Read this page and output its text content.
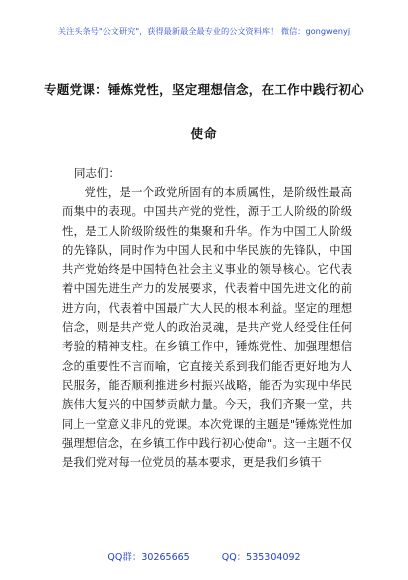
关注头条号"公文研究"，获得最新最全最专业的公文资料库！ 微信：gongwenyj
专题党课：锤炼党性，坚定理想信念，在工作中践行初心
使命
同志们：

党性，是一个政党所固有的本质属性，是阶级性最高而集中的表现。中国共产党的党性，源于工人阶级的阶级性，是工人阶级阶级性的集聚和升华。作为中国工人阶级的先锋队，同时作为中国人民和中华民族的先锋队，中国共产党始终是中国特色社会主义事业的领导核心。它代表着中国先进生产力的发展要求，代表着中国先进文化的前进方向，代表着中国最广大人民的根本利益。坚定的理想信念，则是共产党人的政治灵魂，是共产党人经受住任何考验的精神支柱。在乡镇工作中，锤炼党性、加强理想信念的重要性不言而喻，它直接关系到我们能否更好地为人民服务，能否顺利推进乡村振兴战略，能否为实现中华民族伟大复兴的中国梦贡献力量。今天，我们齐聚一堂，共同上一堂意义非凡的党课。本次党课的主题是"锤炼党性加强理想信念，在乡镇工作中践行初心使命"。这一主题不仅是我们党对每一位党员的基本要求，更是我们乡镇干

QQ群：30265665	QQ：535304092
